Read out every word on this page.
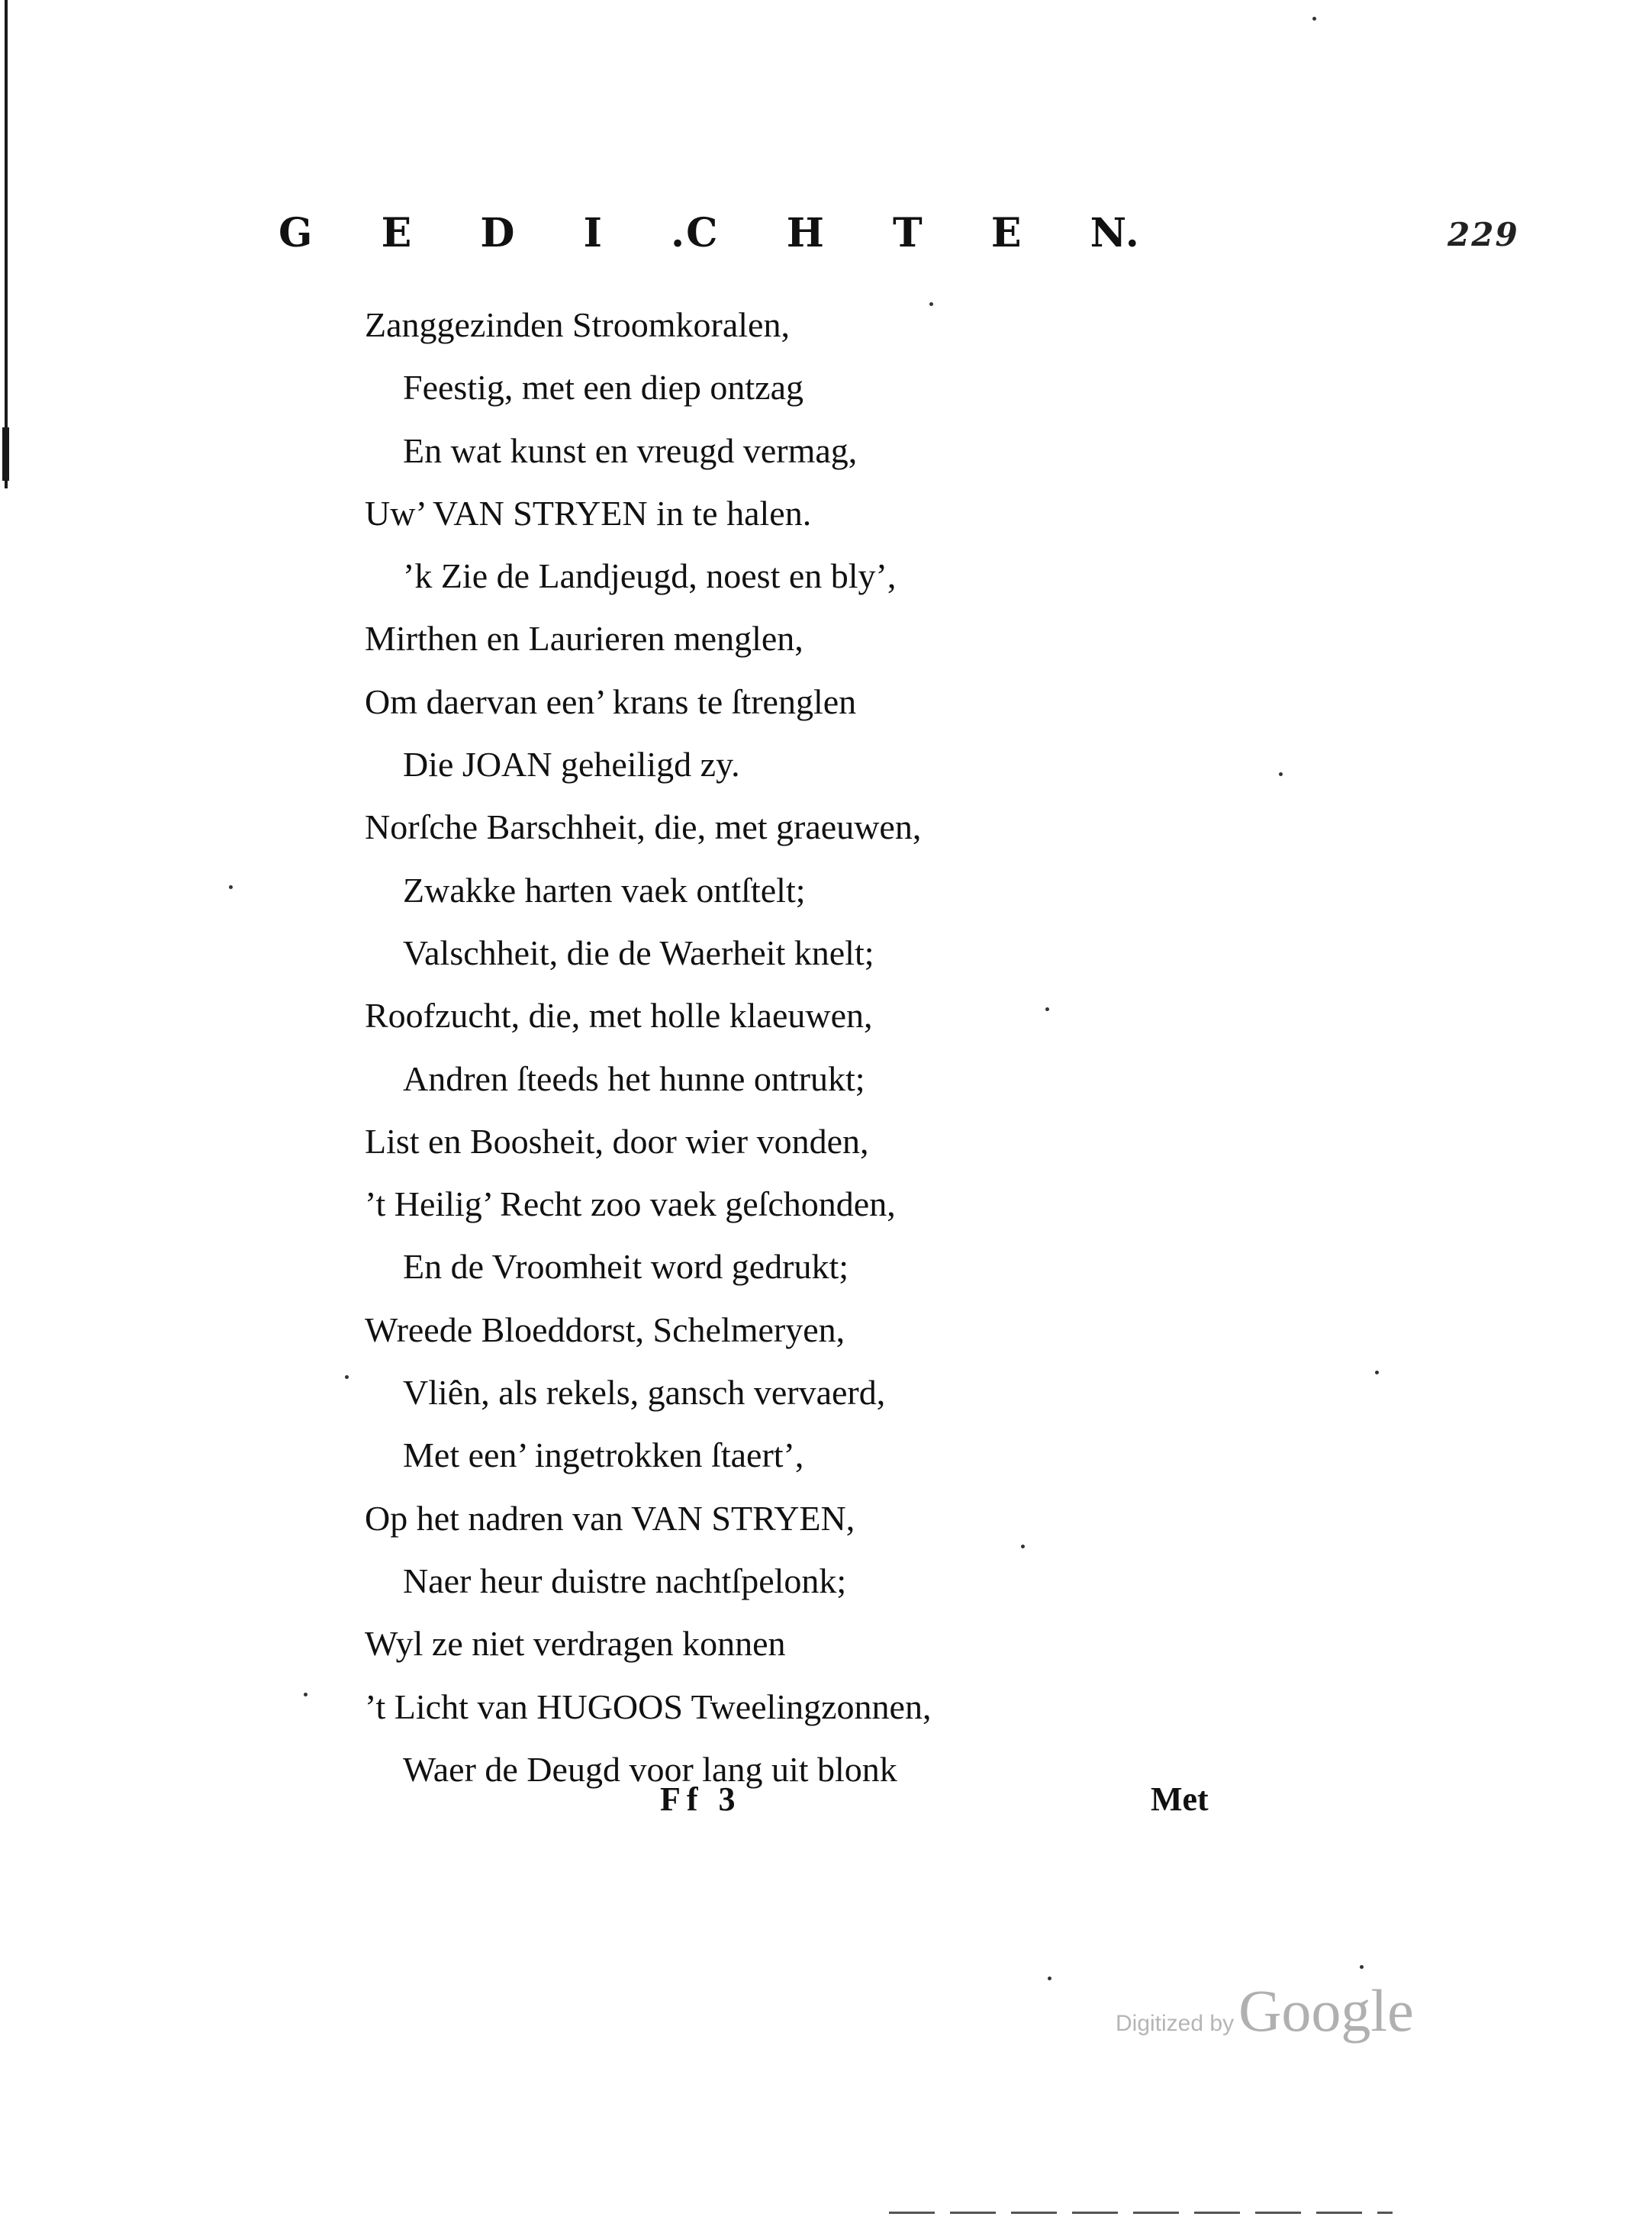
G E D I .C H T E N.	229
Zanggezinden Stroomkoralen,
Feestig, met een diep ontzag
En wat kunst en vreugd vermag,
Uw’ VAN STRYEN in te halen.
’k Zie de Landjeugd, noest en bly’,
Mirthen en Laurieren menglen,
Om daervan een’ krans te ſtrenglen
Die JOAN geheiligd zy.
Norſche Barschheit, die, met graeuwen,
Zwakke harten vaek ontſtelt;
Valschheit, die de Waerheit knelt;
Roofzucht, die, met holle klaeuwen,
Andren ſteeds het hunne ontrukt;
List en Boosheit, door wier vonden,
’t Heilig’ Recht zoo vaek geſchonden,
En de Vroomheit word gedrukt;
Wreede Bloeddorst, Schelmeryen,
Vliên, als rekels, gansch vervaerd,
Met een’ ingetrokken ſtaert’,
Op het nadren van VAN STRYEN,
Naer heur duistre nachtſpelonk;
Wyl ze niet verdragen konnen
’t Licht van HUGOOS Tweelingzonnen,
Waer de Deugd voor lang uit blonk
Ff 3	Met
Digitized by Google
